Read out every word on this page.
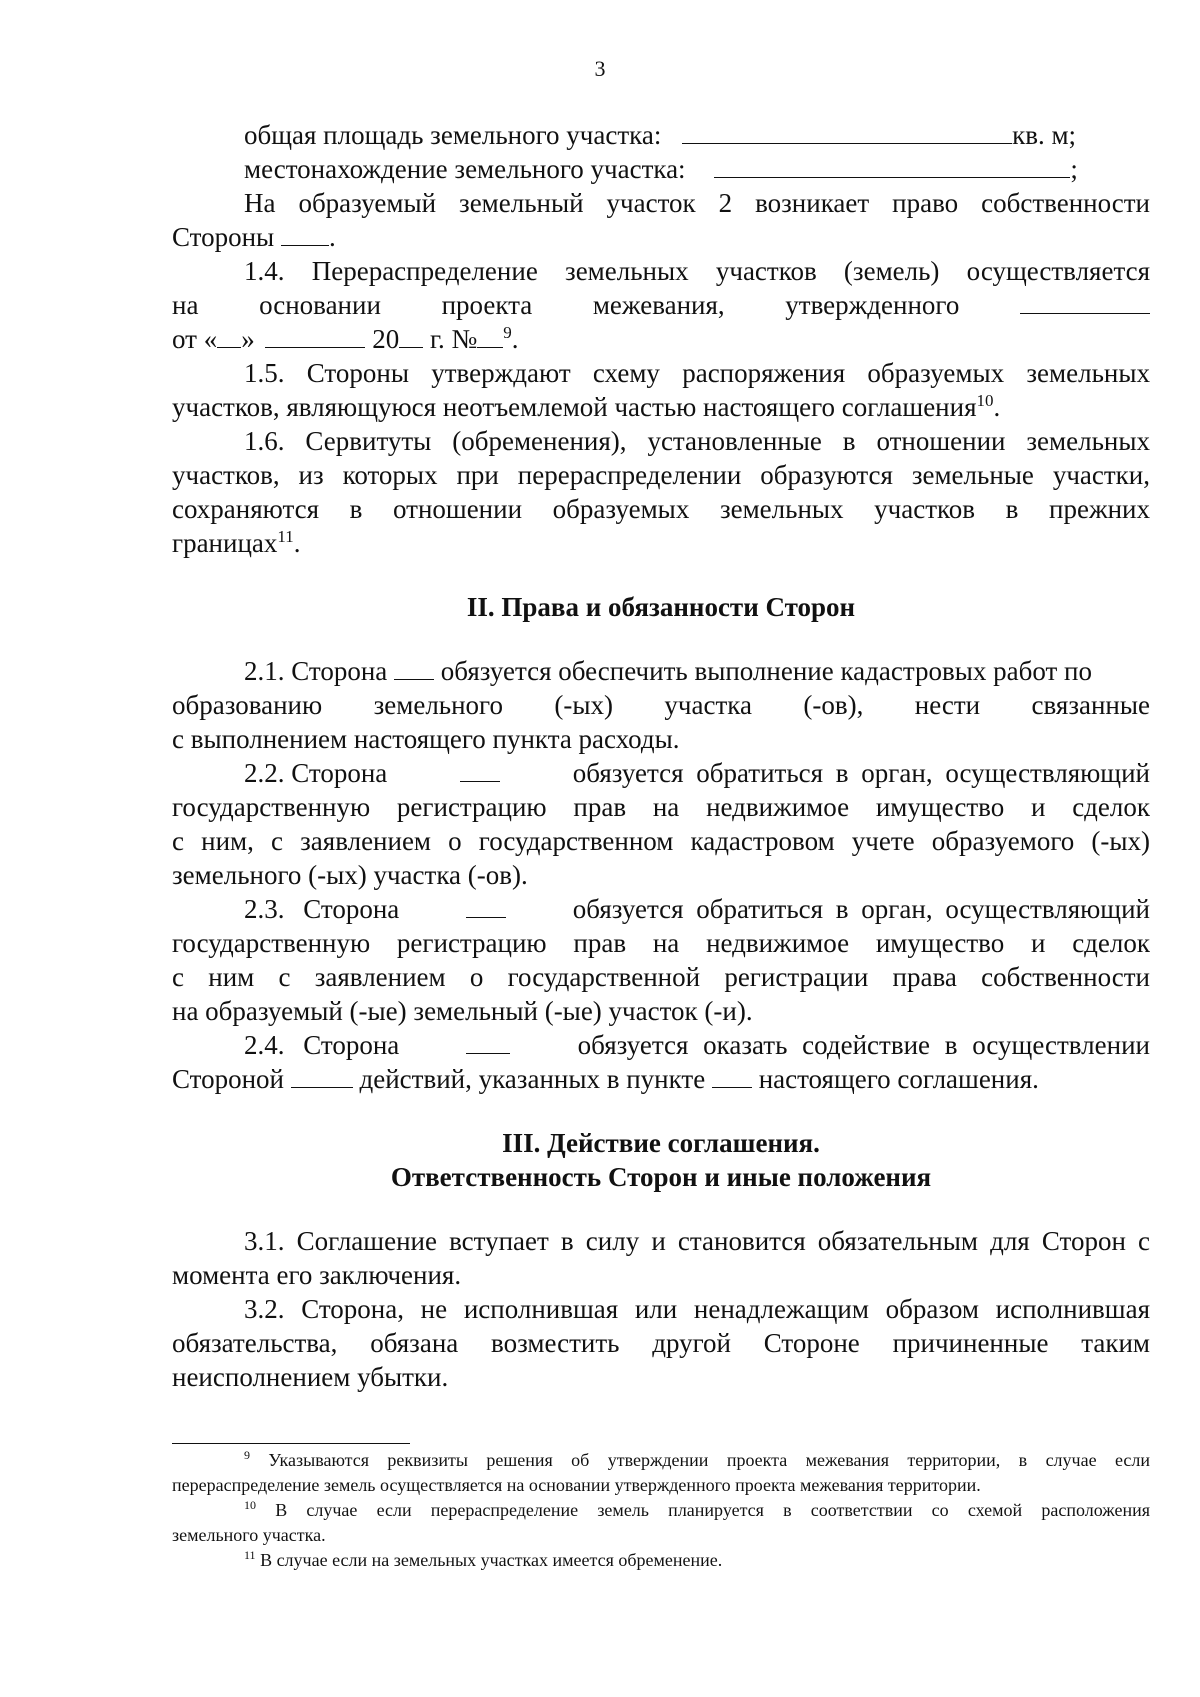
3
общая площадь земельного участка:	кв. м;
местонахождение земельного участка:	;
На образуемый земельный участок 2 возникает право собственности
Стороны .
1.4. Перераспределение земельных участков (земель) осуществляется
на основании проекта межевания, утвержденного
от « »	20 г. № $^9$.
1.5. Стороны утверждают схему распоряжения образуемых земельных
участков, являющуюся неотъемлемой частью настоящего соглашения$^{10}$.
1.6. Сервитуты (обременения), установленные в отношении земельных
участков, из которых при перераспределении образуются земельные участки,
сохраняются в отношении образуемых земельных участков в прежних
границах$^{11}$.
II. Права и обязанности Сторон
2.1. Сторона обязуется обеспечить выполнение кадастровых работ по
образованию земельного (-ых) участка (-ов), нести связанные
с выполнением настоящего пункта расходы.
2.2. Сторона	обязуется обратиться в орган, осуществляющий
государственную регистрацию прав на недвижимое имущество и сделок
с ним, с заявлением о государственном кадастровом учете образуемого (-ых)
земельного (-ых) участка (-ов).
2.3. Сторона	обязуется обратиться в орган, осуществляющий
государственную регистрацию прав на недвижимое имущество и сделок
с ним с заявлением о государственной регистрации права собственности
на образуемый (-ые) земельный (-ые) участок (-и).
2.4. Сторона	обязуется оказать содействие в осуществлении
Стороной	действий, указанных в пункте настоящего соглашения.
III. Действие соглашения.
Ответственность Сторон и иные положения
3.1. Соглашение вступает в силу и становится обязательным для Сторон с
момента его заключения.
3.2. Сторона, не исполнившая или ненадлежащим образом исполнившая
обязательства, обязана возместить другой Стороне причиненные таким
неисполнением убытки.
$^9$ Указываются реквизиты решения об утверждении проекта межевания территории, в случае если
перераспределение земель осуществляется на основании утвержденного проекта межевания территории.
$^{10}$ В случае если перераспределение земель планируется в соответствии со схемой расположения
земельного участка.
$^{11}$ В случае если на земельных участках имеется обременение.
